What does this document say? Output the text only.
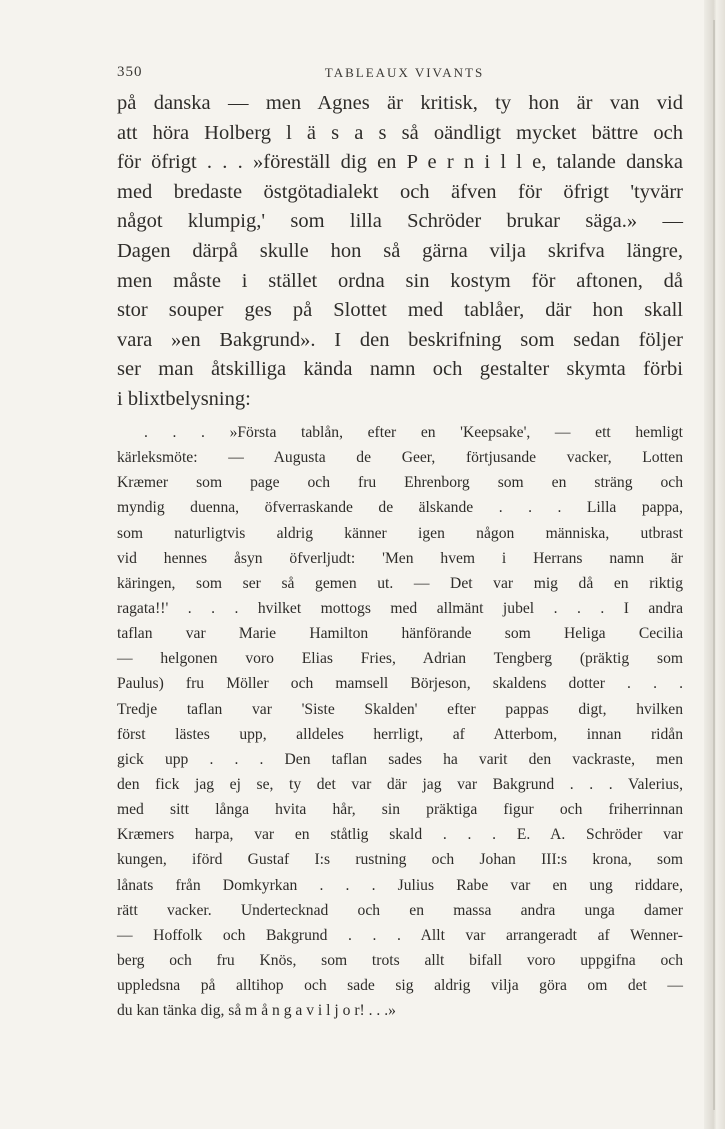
350	TABLEAUX VIVANTS
på danska — men Agnes är kritisk, ty hon är van vid
att höra Holberg l ä s a s så oändligt mycket bättre och
för öfrigt . . . »föreställ dig en P e r n i l l e, talande danska
med bredaste östgötadialekt och äfven för öfrigt 'tyvärr
något klumpig,' som lilla Schröder brukar säga.» —
Dagen därpå skulle hon så gärna vilja skrifva längre,
men måste i stället ordna sin kostym för aftonen, då
stor souper ges på Slottet med tablåer, där hon skall
vara »en Bakgrund». I den beskrifning som sedan följer
ser man åtskilliga kända namn och gestalter skymta förbi
i blixtbelysning:
. . . »Första tablån, efter en 'Keepsake', — ett hemligt
kärleksmöte: — Augusta de Geer, förtjusande vacker, Lotten
Kræmer som page och fru Ehrenborg som en sträng och
myndig duenna, öfverraskande de älskande . . . Lilla pappa,
som naturligtvis aldrig känner igen någon människa, utbrast
vid hennes åsyn öfverljudt: 'Men hvem i Herrans namn är
käringen, som ser så gemen ut. — Det var mig då en riktig
ragata!!' . . . hvilket mottogs med allmänt jubel . . . I andra
taflan var Marie Hamilton hänförande som Heliga Cecilia
— helgonen voro Elias Fries, Adrian Tengberg (präktig som
Paulus) fru Möller och mamsell Börjeson, skaldens dotter . . .
Tredje taflan var 'Siste Skalden' efter pappas digt, hvilken
först lästes upp, alldeles herrligt, af Atterbom, innan ridån
gick upp . . . Den taflan sades ha varit den vackraste, men
den fick jag ej se, ty det var där jag var Bakgrund . . . Valerius,
med sitt långa hvita hår, sin präktiga figur och friherrinnan
Kræmers harpa, var en ståtlig skald . . . E. A. Schröder var
kungen, iförd Gustaf I:s rustning och Johan III:s krona, som
lånats från Domkyrkan . . . Julius Rabe var en ung riddare,
rätt vacker. Undertecknad och en massa andra unga damer
— Hoffolk och Bakgrund . . . Allt var arrangeradt af Wenner-
berg och fru Knös, som trots allt bifall voro uppgifna och
uppledsna på alltihop och sade sig aldrig vilja göra om det —
du kan tänka dig, så m å n g a v i l j o r! . . .»
